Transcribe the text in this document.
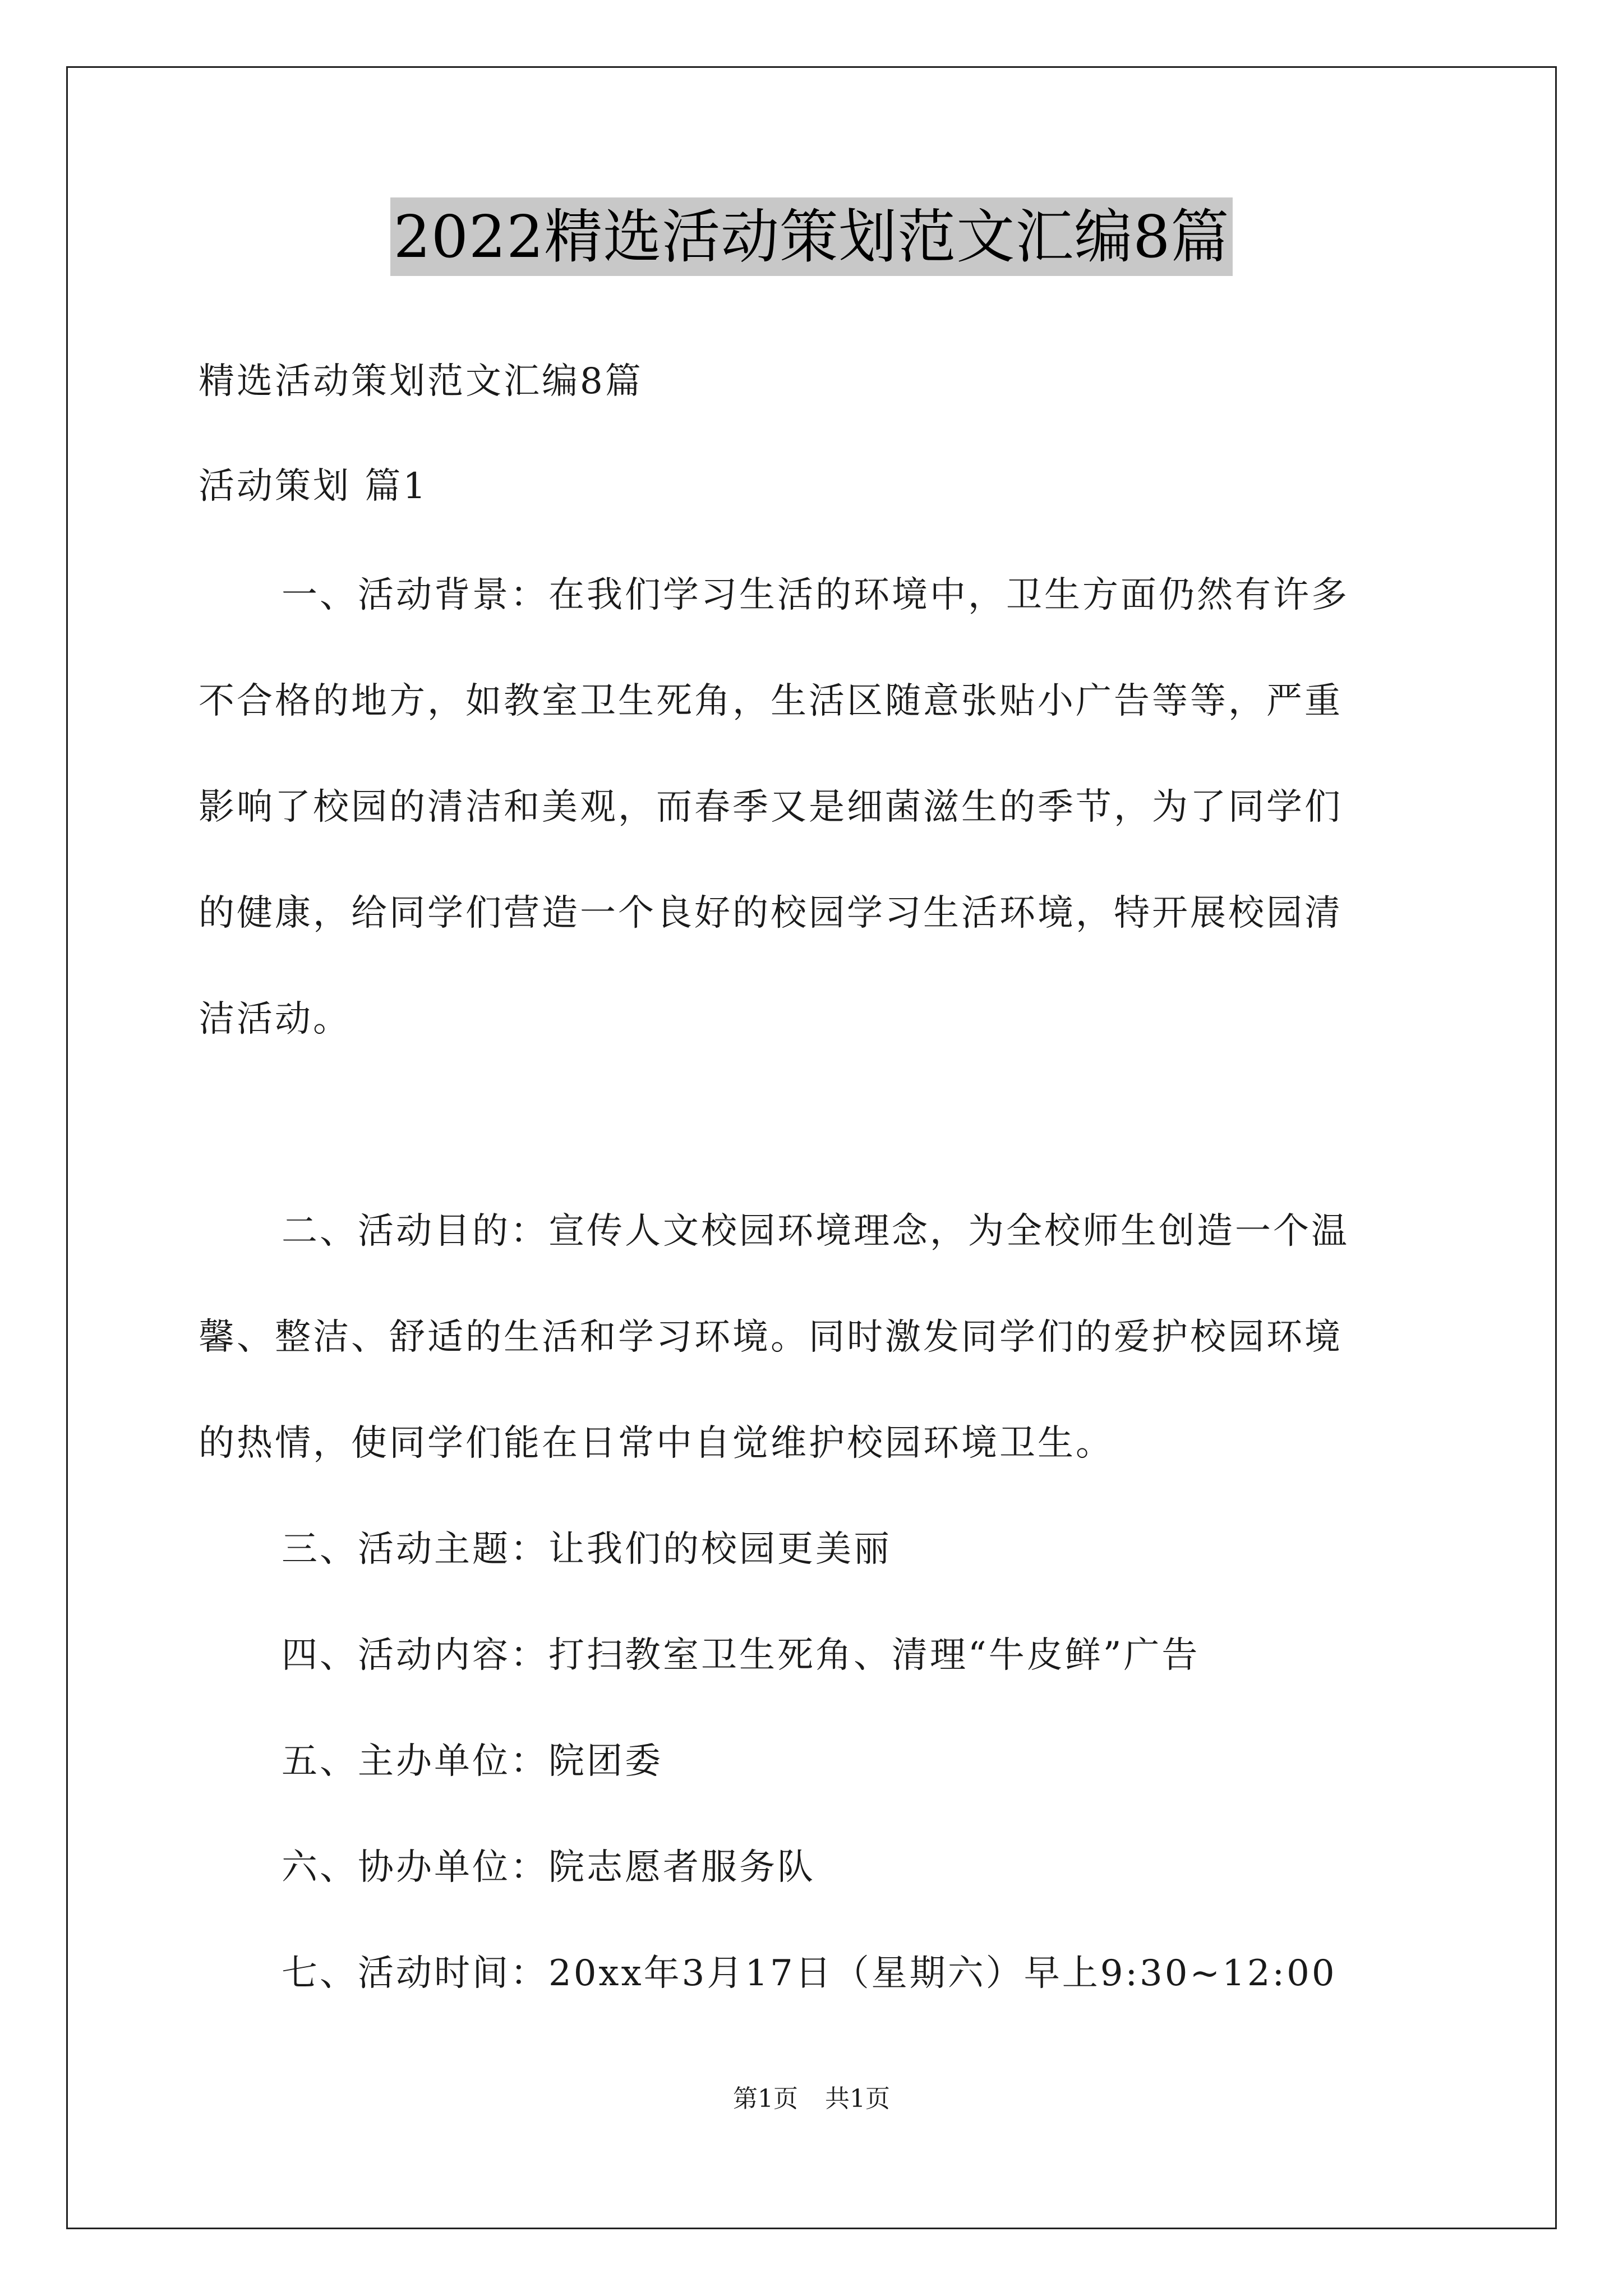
2022精选活动策划范文汇编8篇
精选活动策划范文汇编8篇
活动策划 篇1
一、活动背景：在我们学习生活的环境中，卫生方面仍然有许多
不合格的地方，如教室卫生死角，生活区随意张贴小广告等等，严重
影响了校园的清洁和美观，而春季又是细菌滋生的季节，为了同学们
的健康，给同学们营造一个良好的校园学习生活环境，特开展校园清
洁活动。
二、活动目的：宣传人文校园环境理念，为全校师生创造一个温
馨、整洁、舒适的生活和学习环境。同时激发同学们的爱护校园环境
的热情，使同学们能在日常中自觉维护校园环境卫生。
三、活动主题：让我们的校园更美丽
四、活动内容：打扫教室卫生死角、清理“牛皮鲜”广告
五、主办单位：院团委
六、协办单位：院志愿者服务队
七、活动时间：20xx年3月17日（星期六）早上9:30~12:00
第1页 共1页
